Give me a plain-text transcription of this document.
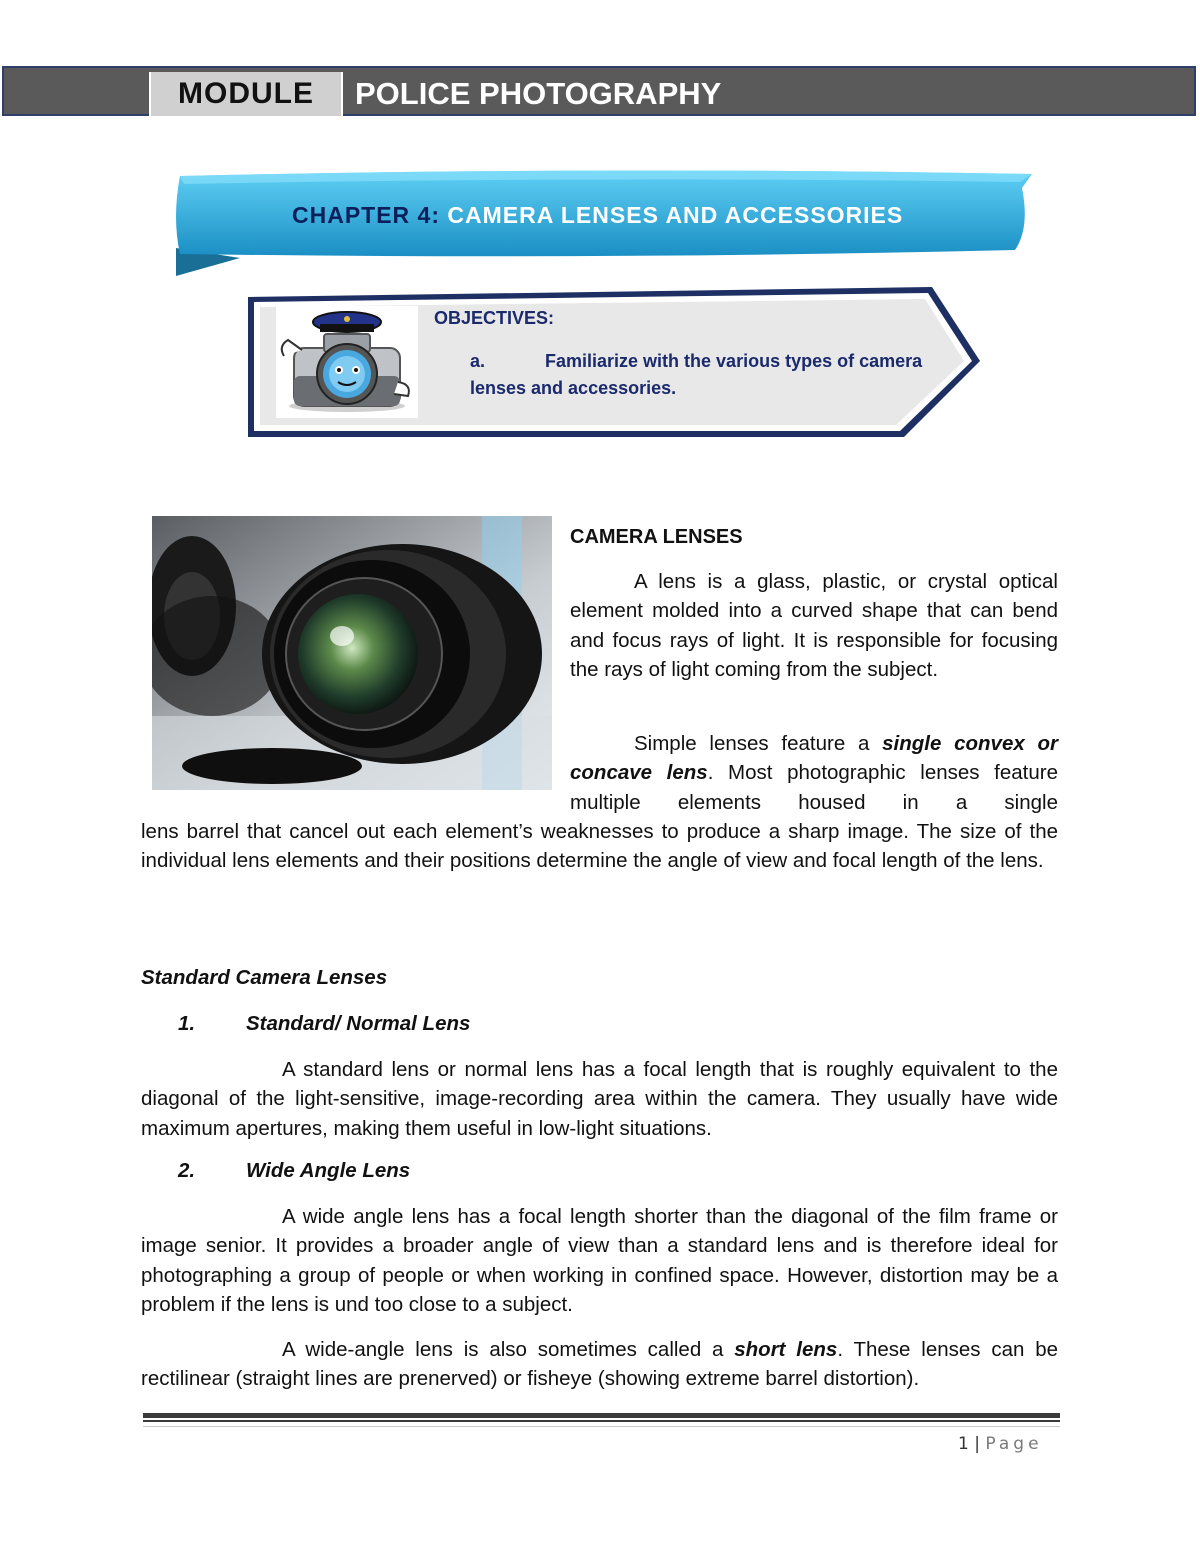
MODULE	POLICE PHOTOGRAPHY
CHAPTER 4: CAMERA LENSES AND ACCESSORIES
OBJECTIVES:
a.	Familiarize with the various types of camera lenses and accessories.
CAMERA LENSES
A lens is a glass, plastic, or crystal optical element molded into a curved shape that can bend and focus rays of light. It is responsible for focusing the rays of light coming from the subject.
Simple lenses feature a single convex or concave lens. Most photographic lenses feature multiple elements housed in a single
lens barrel that cancel out each element’s weaknesses to produce a sharp image. The size of the individual lens elements and their positions determine the angle of view and focal length of the lens.
Standard Camera Lenses
1. Standard/ Normal Lens
A standard lens or normal lens has a focal length that is roughly equivalent to the diagonal of the light-sensitive, image-recording area within the camera. They usually have wide maximum apertures, making them useful in low-light situations.
2. Wide Angle Lens
A wide angle lens has a focal length shorter than the diagonal of the film frame or image senior. It provides a broader angle of view than a standard lens and is therefore ideal for photographing a group of people or when working in confined space. However, distortion may be a problem if the lens is und too close to a subject.
A wide-angle lens is also sometimes called a short lens. These lenses can be rectilinear (straight lines are prenerved) or fisheye (showing extreme barrel distortion).
1 | Page
